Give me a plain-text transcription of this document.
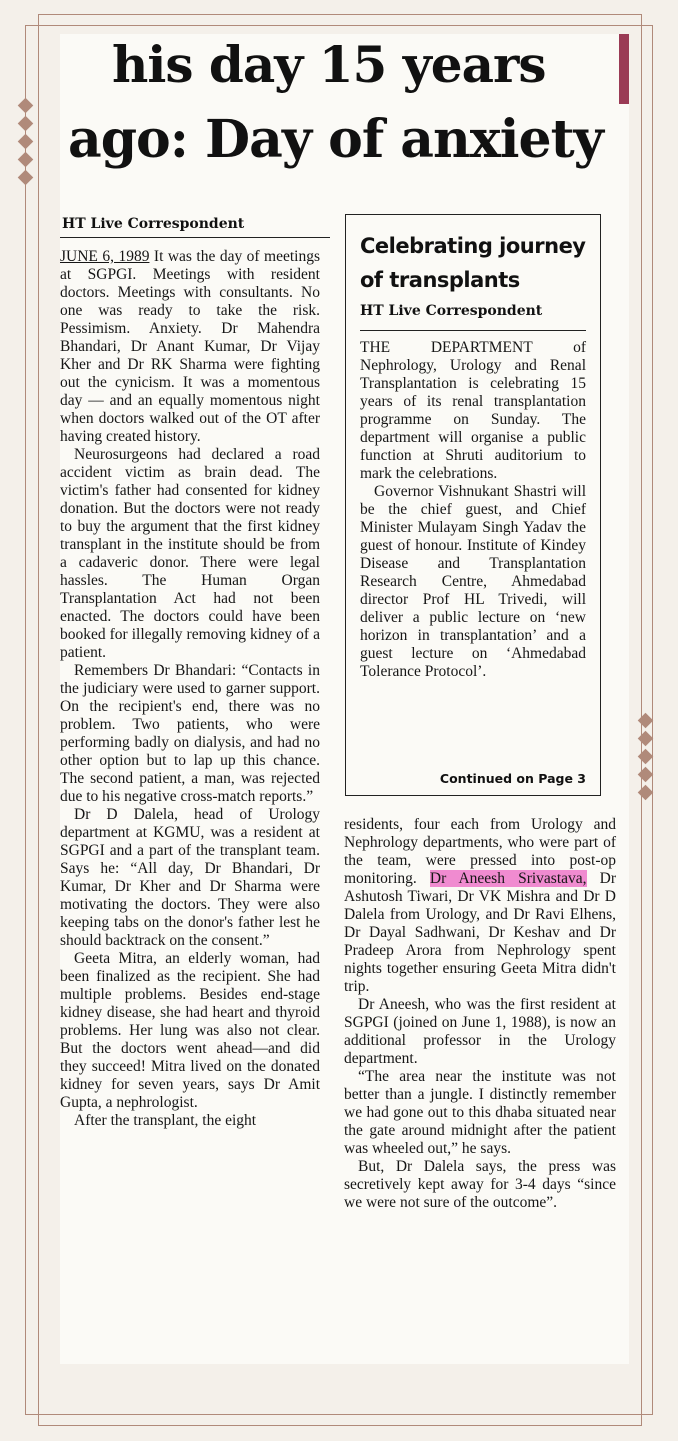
his day 15 years
ago: Day of anxiety
HT Live Correspondent

JUNE 6, 1989 It was the day of meetings at SGPGI. Meetings with resident doctors. Meetings with consultants. No one was ready to take the risk. Pessimism. Anxiety. Dr Mahendra Bhandari, Dr Anant Kumar, Dr Vijay Kher and Dr RK Sharma were fighting out the cynicism. It was a momentous day — and an equally momentous night when doctors walked out of the OT after having created history.

Neurosurgeons had declared a road accident victim as brain dead. The victim's father had consented for kidney donation. But the doctors were not ready to buy the argument that the first kidney transplant in the institute should be from a cadaveric donor. There were legal hassles. The Human Organ Transplantation Act had not been enacted. The doctors could have been booked for illegally removing kidney of a patient.

Remembers Dr Bhandari: “Contacts in the judiciary were used to garner support. On the recipient's end, there was no problem. Two patients, who were performing badly on dialysis, and had no other option but to lap up this chance. The second patient, a man, was rejected due to his negative cross-match reports.”

Dr D Dalela, head of Urology department at KGMU, was a resident at SGPGI and a part of the transplant team. Says he: “All day, Dr Bhandari, Dr Kumar, Dr Kher and Dr Sharma were motivating the doctors. They were also keeping tabs on the donor's father lest he should backtrack on the consent.”

Geeta Mitra, an elderly woman, had been finalized as the recipient. She had multiple problems. Besides end-stage kidney disease, she had heart and thyroid problems. Her lung was also not clear. But the doctors went ahead—and did they succeed! Mitra lived on the donated kidney for seven years, says Dr Amit Gupta, a nephrologist.

After the transplant, the eight

Celebrating journey of transplants
HT Live Correspondent

THE DEPARTMENT of Nephrology, Urology and Renal Transplantation is celebrating 15 years of its renal transplantation programme on Sunday. The department will organise a public function at Shruti auditorium to mark the celebrations.

Governor Vishnukant Shastri will be the chief guest, and Chief Minister Mulayam Singh Yadav the guest of honour. Institute of Kindey Disease and Transplantation Research Centre, Ahmedabad director Prof HL Trivedi, will deliver a public lecture on ‘new horizon in transplantation’ and a guest lecture on ‘Ahmedabad Tolerance Protocol’.

Continued on Page 3

residents, four each from Urology and Nephrology departments, who were part of the team, were pressed into post-op monitoring. Dr Aneesh Srivastava, Dr Ashutosh Tiwari, Dr VK Mishra and Dr D Dalela from Urology, and Dr Ravi Elhens, Dr Dayal Sadhwani, Dr Keshav and Dr Pradeep Arora from Nephrology spent nights together ensuring Geeta Mitra didn't trip.

Dr Aneesh, who was the first resident at SGPGI (joined on June 1, 1988), is now an additional professor in the Urology department.

“The area near the institute was not better than a jungle. I distinctly remember we had gone out to this dhaba situated near the gate around midnight after the patient was wheeled out,” he says.

But, Dr Dalela says, the press was secretively kept away for 3-4 days “since we were not sure of the outcome”.
